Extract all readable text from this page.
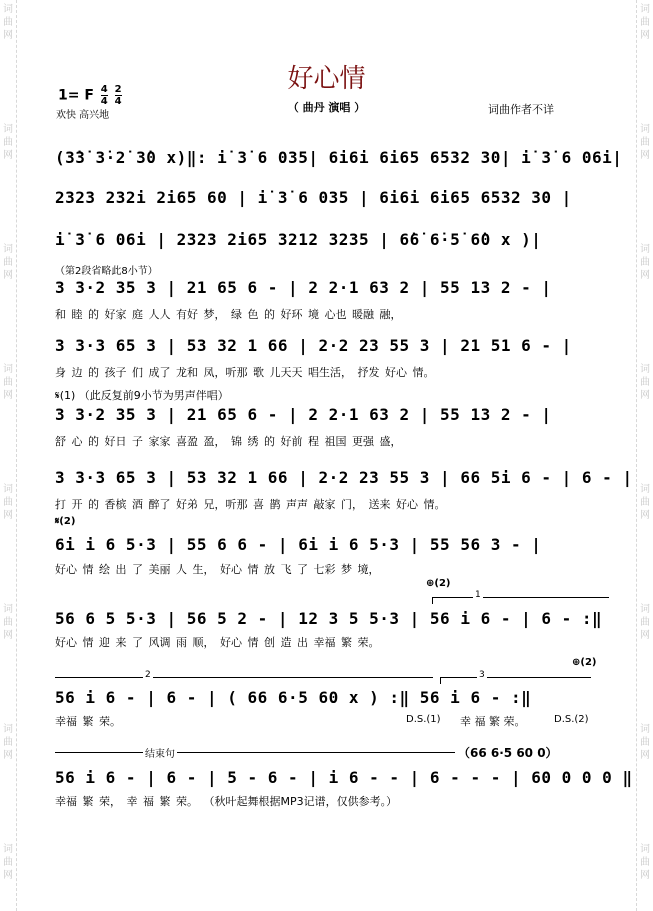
词
曲
网
词
曲
网
词
曲
网
词
曲
网
词
曲
网
词
曲
网
词
曲
网
词
曲
网
词
曲
网
词
曲
网
词
曲
网
词
曲
网
词
曲
网
词
曲
网
词
曲
网
词
曲
网
好心情
（ 曲丹 演唱 ）	词曲作者不详
1= F $\frac{4}{4}$
$\frac{2}{4}$
欢快 高兴地
(3̇3̇ 3̇·2̇ 3̇0 x)‖: i̇ 3̇ 6 035| 6i6i 6i65 6532 30| i̇ 3̇ 6 06i|
2323 232i 2i65 60 | i̇ 3̇ 6 035 | 6i6i 6i65 6532 30 |
i̇ 3̇ 6 06i | 2323 2i65 3212 3235 | 6̇6̇ 6̇·5̇ 6̇0 x )|
（第2段省略此8小节）
3 3·2 35 3 | 21 65 6 - | 2 2·1 63 2 | 55 13 2 - |
和 睦 的 好家 庭 人人 有好 梦， 绿 色 的 好环 境 心也 暖融 融，
3 3·3 65 3 | 53 32 1 66 | 2·2 23 55 3 | 21 51 6 - |
身 边 的 孩子 们 成了 龙和 凤，听那 歌 儿天天 唱生活， 抒发 好心 情。
𝄋(1) （此反复前9小节为男声伴唱）
3 3·2 35 3 | 21 65 6 - | 2 2·1 63 2 | 55 13 2 - |
舒 心 的 好日 子 家家 喜盈 盈， 锦 绣 的 好前 程 祖国 更强 盛，
3 3·3 65 3 | 53 32 1 66 | 2·2 23 55 3 | 66 5i 6 - | 6 - |
打 开 的 香槟 酒 醉了 好弟 兄，听那 喜 鹊 声声 敲家 门， 送来 好心 情。
𝄋(2)
6i i 6 5·3 | 55 6 6 - | 6i i 6 5·3 | 55 56 3 - |
好心 情 绘 出 了 美丽 人 生， 好心 情 放 飞 了 七彩 梦 境，
⊕(2)
1
56 6 5 5·3 | 56 5 2 - | 12 3 5 5·3 | 56 i 6 - | 6 - :‖
好心 情 迎 来 了 风调 雨 顺， 好心 情 创 造 出 幸福 繁 荣。
⊕(2)
2	3
56 i 6 - | 6 - | ( 66 6·5 60 x ) :‖ 56 i 6 - :‖
幸福 繁 荣。	D.S.(1) 幸 福 繁 荣。	D.S.(2)
结束句	（66 6·5 60 0）
56 i 6 - | 6 - | 5 - 6 - | i 6 - - | 6 - - - | 60 0 0 0 ‖
幸福 繁 荣， 幸 福 繁 荣。 （秋叶起舞根据MP3记谱，仅供参考。）
